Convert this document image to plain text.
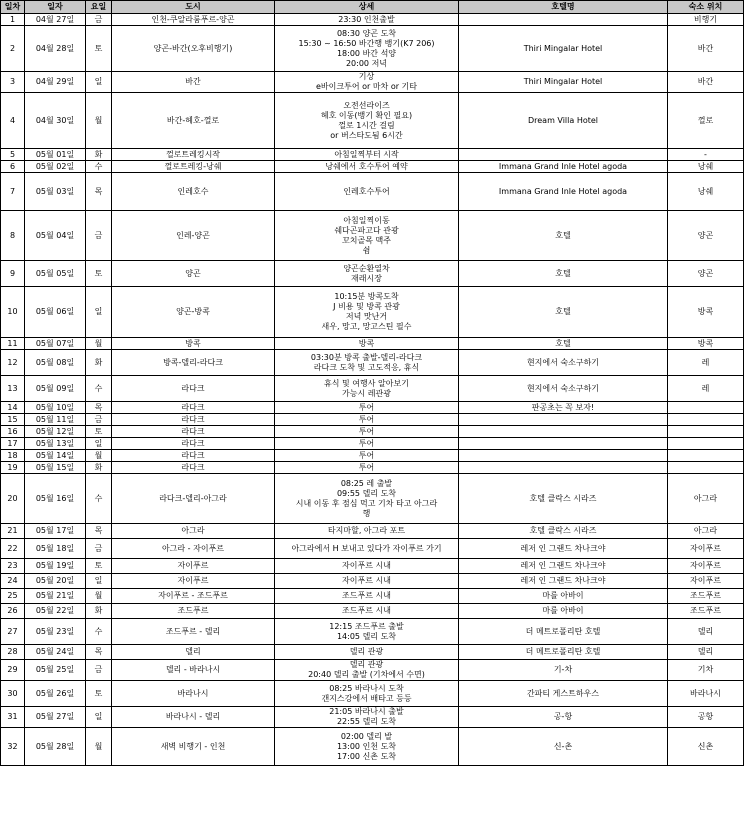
일차	일자	요일	도시	상세	호텔명	숙소 위치
1	04월 27일	금	인천-쿠알라룸푸르-양곤	23:30 인천출발		비행기
2	04월 28일	토	양곤-바간(오후비행기)	08:30 양곤 도착
15:30 ~ 16:50 바간행 뱅기(K7 206)
18:00 바간 석양
20:00 저녁	Thiri Mingalar Hotel	바간
3	04월 29일	일	바간	기상
e바이크투어 or 마차 or 기타	Thiri Mingalar Hotel	바간
4	04월 30일	월	바간-헤호-껄로	오전선라이즈
헤호 이동(뱅기 확인 필요)
껄로 1시간 걸림
or 버스타도됨 6시간	Dream Villa Hotel	껄로
5	05월 01일	화	껄로트레킹시작	아침일찍부터 시작		-
6	05월 02일	수	껄로트레킹-낭쉐	낭쉐에서 호수투어 예약	Immana Grand Inle Hotel agoda	낭쉐
7	05월 03일	목	인레호수	인레호수투어	Immana Grand Inle Hotel agoda	낭쉐
8	05월 04일	금	인레-양곤	아침일찍이동
쉐다곤파고다 관광
꼬치골목 맥주
쉼	호텔	양곤
9	05월 05일	토	양곤	양곤순환열차
재래시장	호텔	양곤
10	05월 06일	일	양곤-방콕	10:15분 방콕도착
J 비용 및 방콕 관광
저녁 맛난거
새우, 망고, 망고스틴 필수	호텔	방콕
11	05월 07일	월	방콕	방콕	호텔	방콕
12	05월 08일	화	방콕-델리-라다크	03:30분 방콕 출발-델리-라다크
라다크 도착 및 고도적응, 휴식	현지에서 숙소구하기	레
13	05월 09일	수	라다크	휴식 및 여행사 알아보기
가능시 레관광	현지에서 숙소구하기	레
14	05월 10일	목	라다크	투어	판공초는 꼭 보자!	
15	05월 11일	금	라다크	투어		

16	05월 12일	토	라다크	투어		

17	05월 13일	일	라다크	투어		

18	05월 14일	월	라다크	투어		

19	05월 15일	화	라다크	투어		

20	05월 16일	수	라다크-델리-아그라	08:25 레 출발
09:55 델리 도착
시내 이동 후 점심 먹고 기차 타고 아그라
행	호텔 클락스 시라즈	아그라
21	05월 17일	목	아그라	타지마할, 아그라 포트	호텔 클락스 시라즈	아그라
22	05월 18일	금	아그라 - 자이푸르	아그라에서 H 보내고 있다가 자이푸르 가기	레저 인 그랜드 차나크야	자이푸르
23	05월 19일	토	자이푸르	자이푸르 시내	레저 인 그랜드 차나크야	자이푸르
24	05월 20일	일	자이푸르	자이푸르 시내	레저 인 그랜드 차나크야	자이푸르
25	05월 21일	월	자이푸르 - 조드푸르	조드푸르 시내	마를 아바이	조드푸르
26	05월 22일	화	조드푸르	조드푸르 시내	마를 아바이	조드푸르
27	05월 23일	수	조드푸르 - 델리	12:15 조드푸르 출발
14:05 델리 도착	더 메트로폴리탄 호텔	델리
28	05월 24일	목	델리	델리 관광	더 메트로폴리탄 호텔	델리
29	05월 25일	금	델리 - 바라나시	델리 관광
20:40 델리 출발 (기차에서 수면)	기-차	기차
30	05월 26일	토	바라나시	08:25 바라나시 도착
갠지스강에서 배타고 등등	간파티 게스트하우스	바라나시
31	05월 27일	일	바라나시 - 델리	21:05 바라나시 출발
22:55 델리 도착	공-항	공항
32	05월 28일	월	새벽 비행기 - 인천	02:00 델리 발
13:00 인천 도착
17:00 신촌 도착	신-촌	신촌
